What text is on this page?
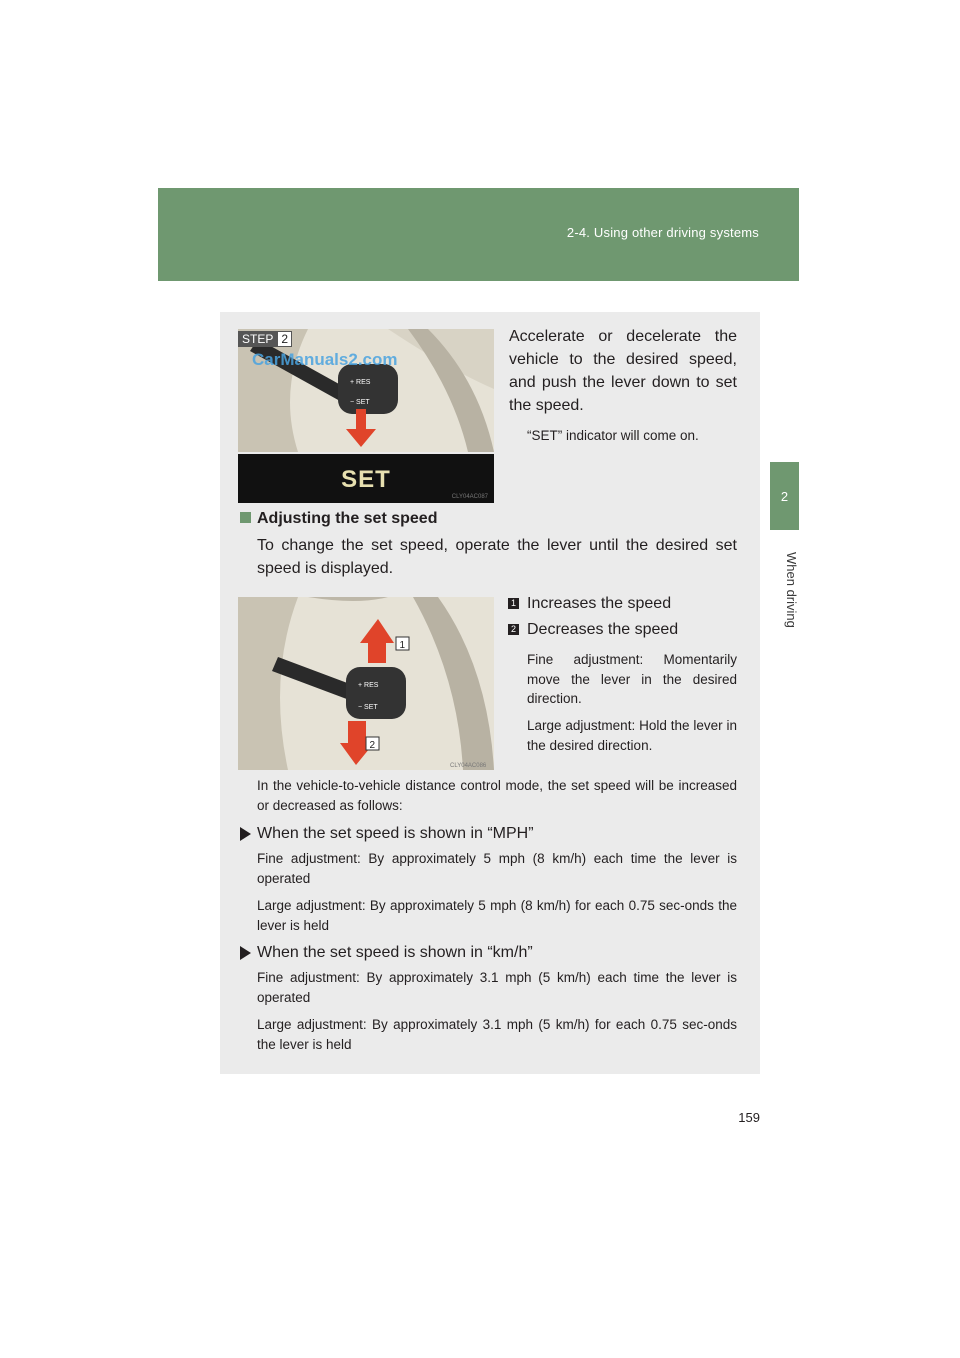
2-4. Using other driving systems
2
When driving
+ RES
− SET
STEP 2
SET
CLY04AC087
CarManuals2.com
Accelerate or decelerate the vehicle to the desired speed, and push the lever down to set the speed.
“SET” indicator will come on.
Adjusting the set speed
To change the set speed, operate the lever until the desired set speed is displayed.
+ RES
− SET
1
2
CLY04AC086
1 Increases the speed
2 Decreases the speed
Fine adjustment: Momentarily move the lever in the desired direction.
Large adjustment: Hold the lever in the desired direction.
In the vehicle-to-vehicle distance control mode, the set speed will be increased or decreased as follows:
When the set speed is shown in “MPH”
Fine adjustment: By approximately 5 mph (8 km/h) each time the lever is operated
Large adjustment: By approximately 5 mph (8 km/h) for each 0.75 sec-onds the lever is held
When the set speed is shown in “km/h”
Fine adjustment: By approximately 3.1 mph (5 km/h) each time the lever is operated
Large adjustment: By approximately 3.1 mph (5 km/h) for each 0.75 sec-onds the lever is held
159
